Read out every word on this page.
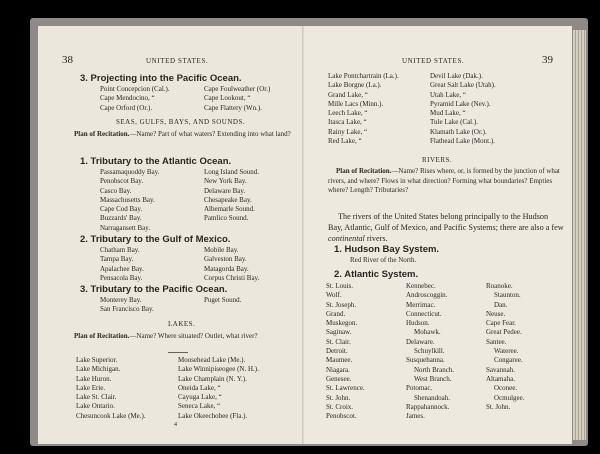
38	UNITED STATES.
3. Projecting into the Pacific Ocean.
Point Concepcion (Cal.).
Cape Mendocino, “
Cape Orford (Or.).
Cape Foulweather (Or.)
Cape Lookout, “
Cape Flattery (Wn.).
SEAS, GULFS, BAYS, AND SOUNDS.
Plan of Recitation.—Name? Part of what waters? Extending into what land?
1. Tributary to the Atlantic Ocean.
Passamaquoddy Bay.
Penobscot Bay.
Casco Bay.
Massachusetts Bay.
Cape Cod Bay.
Buzzards' Bay.
Narragansett Bay.
Long Island Sound.
New York Bay.
Delaware Bay.
Chesapeake Bay.
Albemarle Sound.
Pamlico Sound.
2. Tributary to the Gulf of Mexico.
Chatham Bay.
Tampa Bay.
Apalachee Bay.
Pensacola Bay.
Mobile Bay.
Galveston Bay.
Matagorda Bay.
Corpus Christi Bay.
3. Tributary to the Pacific Ocean.
Monterey Bay.
San Francisco Bay.
Puget Sound.
LAKES.
Plan of Recitation.—Name? Where situated? Outlet, what river?
Lake Superior.
Lake Michigan.
Lake Huron.
Lake Erie.
Lake St. Clair.
Lake Ontario.
Chesuncook Lake (Me.).
Moosehead Lake (Me.).
Lake Winnipiseogee (N. H.).
Lake Champlain (N. Y.).
Oneida Lake, “
Cayuga Lake, “
Seneca Lake, “
Lake Okeechobee (Fla.).
4
UNITED STATES.	39
Lake Pontchartrain (La.).
Lake Borgne (La.).
Grand Lake, “
Mille Lacs (Minn.).
Leech Lake, “
Itasca Lake, “
Rainy Lake, “
Red Lake, “
Devil Lake (Dak.).
Great Salt Lake (Utah).
Utah Lake, “
Pyramid Lake (Nev.).
Mud Lake, “
Tule Lake (Cal.).
Klamath Lake (Or.).
Flathead Lake (Mont.).
RIVERS.
Plan of Recitation.—Name? Rises where, or, is formed by the junction of what rivers, and where? Flows in what direction? Forming what boundaries? Empties where? Length? Tributaries?
The rivers of the United States belong principally to the Hudson Bay, Atlantic, Gulf of Mexico, and Pacific Systems; there are also a few continental rivers.
1. Hudson Bay System.
Red River of the North.
2. Atlantic System.
St. Louis.
Wolf.
St. Joseph.
Grand.
Muskegon.
Saginaw.
St. Clair.
Detroit.
Maumee.
Niagara.
Genesee.
St. Lawrence.
St. John.
St. Croix.
Penobscot.
Kennebec.
Androscoggin.
Merrimac.
Connecticut.
Hudson.
Mohawk.
Delaware.
Schuylkill.
Susquehanna.
North Branch.
West Branch.
Potomac.
Shenandoah.
Rappahannock.
James.
Roanoke.
Staunton.
Dan.
Neuse.
Cape Fear.
Great Pedee.
Santee.
Wateree.
Congaree.
Savannah.
Altamaha.
Oconee.
Ocmulgee.
St. John.
